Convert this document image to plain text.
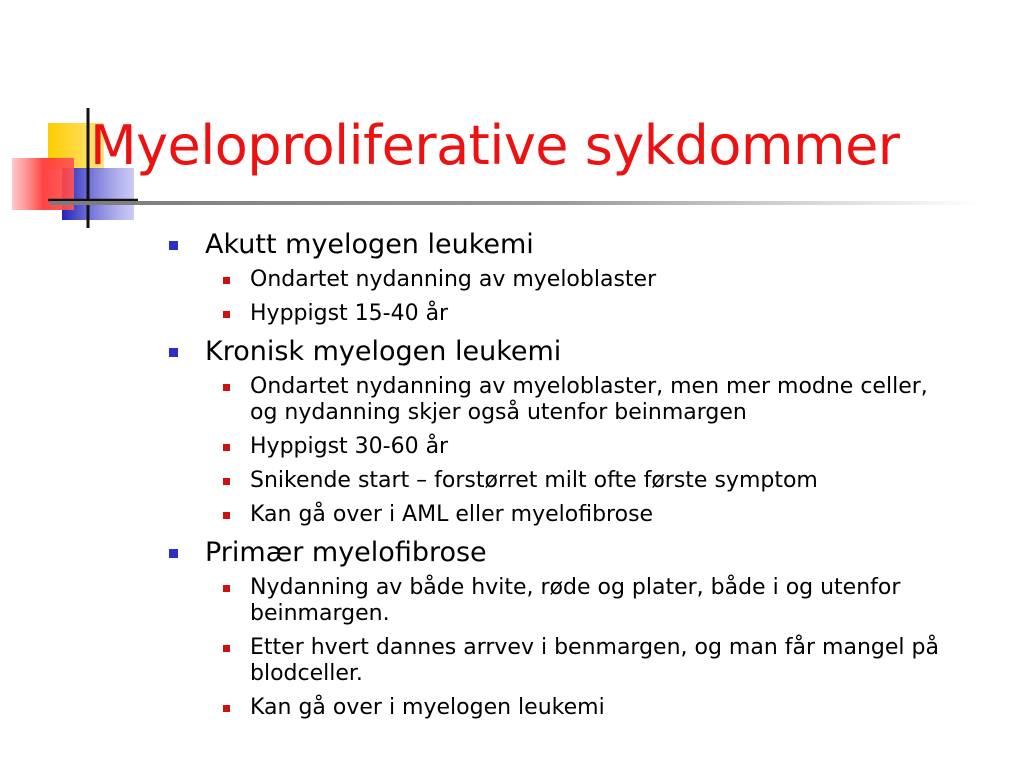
Myeloproliferative sykdommer
Akutt myelogen leukemi
Ondartet nydanning av myeloblaster
Hyppigst 15-40 år
Kronisk myelogen leukemi
Ondartet nydanning av myeloblaster, men mer modne celler, og nydanning skjer også utenfor beinmargen
Hyppigst 30-60 år
Snikende start – forstørret milt ofte første symptom
Kan gå over i AML eller myelofibrose
Primær myelofibrose
Nydanning av både hvite, røde og plater, både i og utenfor beinmargen.
Etter hvert dannes arrvev i benmargen, og man får mangel på blodceller.
Kan gå over i myelogen leukemi
